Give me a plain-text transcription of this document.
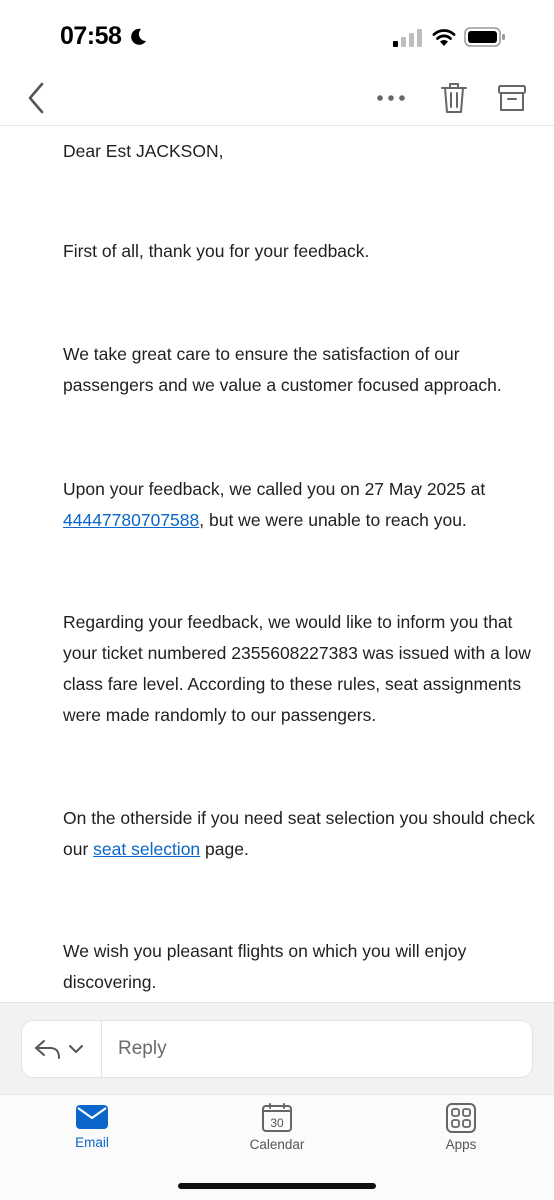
07:58

Dear Est JACKSON,

First of all, thank you for your feedback.

We take great care to ensure the satisfaction of our passengers and we value a customer focused approach.

Upon your feedback, we called you on 27 May 2025 at 44447780707588, but we were unable to reach you.

Regarding your feedback, we would like to inform you that your ticket numbered 2355608227383 was issued with a low class fare level. According to these rules, seat assignments were made randomly to our passengers.

On the otherside if you need seat selection you should check our seat selection page.

We wish you pleasant flights on which you will enjoy discovering.

Reply
Email
30
Calendar	Apps
